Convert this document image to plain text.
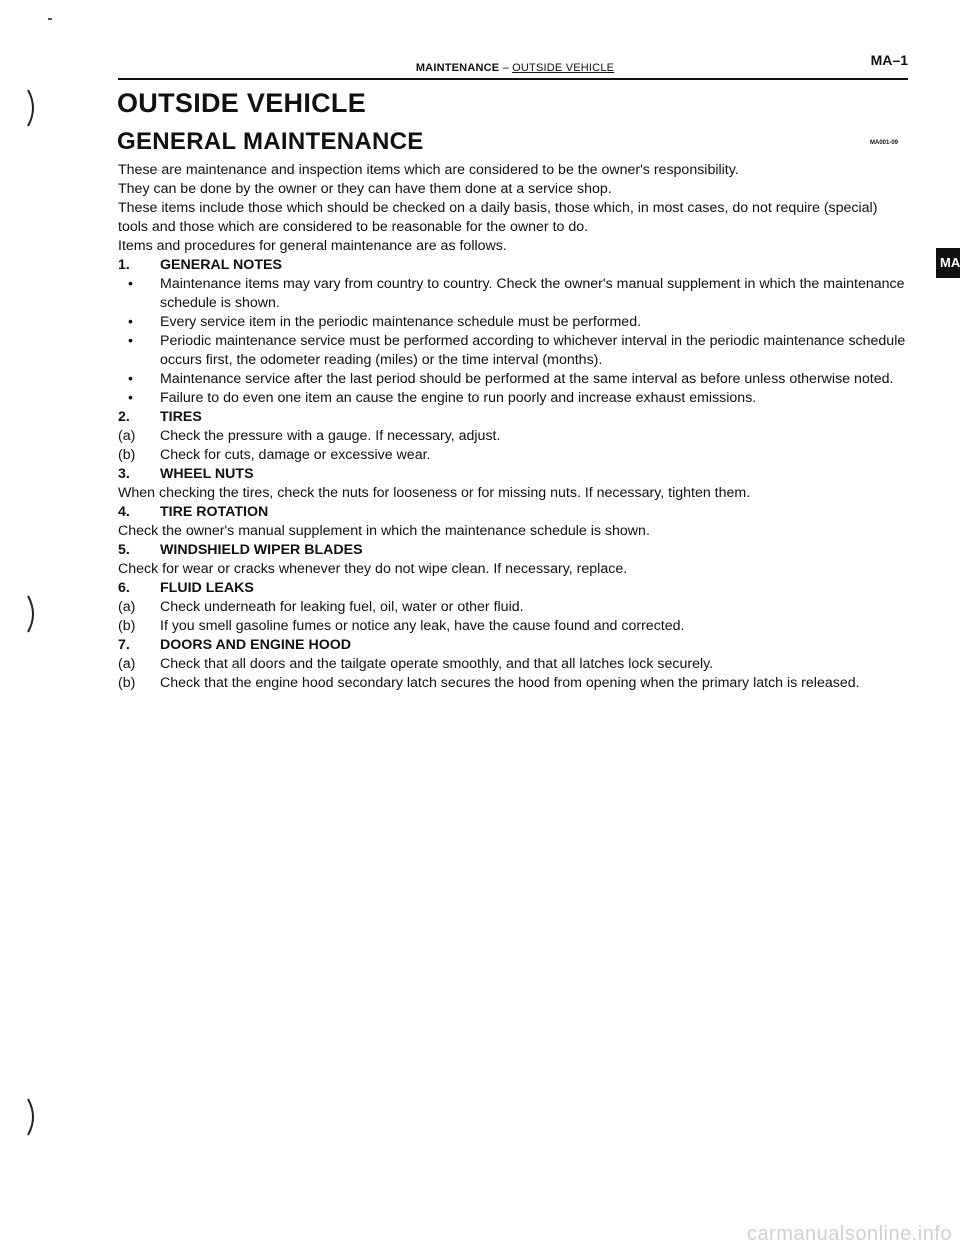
MAINTENANCE – OUTSIDE VEHICLE	MA–1
OUTSIDE VEHICLE
GENERAL MAINTENANCE	MA001-09
MA

These are maintenance and inspection items which are considered to be the owner's responsibility.

They can be done by the owner or they can have them done at a service shop.

These items include those which should be checked on a daily basis, those which, in most cases, do not require (special) tools and those which are considered to be reasonable for the owner to do.

Items and procedures for general maintenance are as follows.

1.	GENERAL NOTES
•	Maintenance items may vary from country to country. Check the owner's manual supplement in which the maintenance schedule is shown.
•	Every service item in the periodic maintenance schedule must be performed.
•	Periodic maintenance service must be performed according to whichever interval in the periodic maintenance schedule occurs first, the odometer reading (miles) or the time interval (months).
•	Maintenance service after the last period should be performed at the same interval as before unless otherwise noted.
•	Failure to do even one item an cause the engine to run poorly and increase exhaust emissions.
2.	TIRES
(a)	Check the pressure with a gauge. If necessary, adjust.
(b)	Check for cuts, damage or excessive wear.
3.	WHEEL NUTS

When checking the tires, check the nuts for looseness or for missing nuts. If necessary, tighten them.

4.	TIRE ROTATION

Check the owner's manual supplement in which the maintenance schedule is shown.

5.	WINDSHIELD WIPER BLADES

Check for wear or cracks whenever they do not wipe clean. If necessary, replace.

6.	FLUID LEAKS
(a)	Check underneath for leaking fuel, oil, water or other fluid.
(b)	If you smell gasoline fumes or notice any leak, have the cause found and corrected.
7.	DOORS AND ENGINE HOOD
(a)	Check that all doors and the tailgate operate smoothly, and that all latches lock securely.
(b)	Check that the engine hood secondary latch secures the hood from opening when the primary latch is released.
carmanualsonline.info
